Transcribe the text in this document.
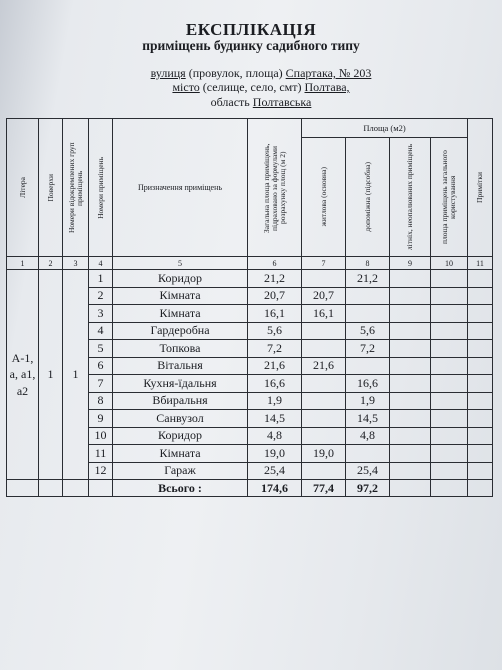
ЕКСПЛІКАЦІЯ
приміщень будинку садибного типу
вулиця (провулок, площа) Спартака, № 203
місто (селище, село, смт) Полтава,
область Полтавська
Літера	Поверхи	Номери відокремлених груп приміщень	Номери приміщень	Призначення приміщень	Загальна площа приміщень, підраховано за формулами розрахунку площ (м 2)	Площа (м2)				Примітки

						житлова (основна)	допоміжна (підсобна)	літніх, неопалюваних приміщень	площа приміщень загального користування	

1	2	3	4	5	6	7	8	9	10	11
А-1, а, а1, а2	1	1	1	Коридор	21,2		21,2			
			2	Кімната	20,7	20,7				
			3	Кімната	16,1	16,1				
			4	Гардеробна	5,6		5,6			
			5	Топкова	7,2		7,2			
			6	Вітальня	21,6	21,6				
			7	Кухня-їдальня	16,6		16,6			
			8	Вбиральня	1,9		1,9			
			9	Санвузол	14,5		14,5			
			10	Коридор	4,8		4,8			
			11	Кімната	19,0	19,0				
			12	Гараж	25,4		25,4			
				Всього :	174,6	77,4	97,2			
